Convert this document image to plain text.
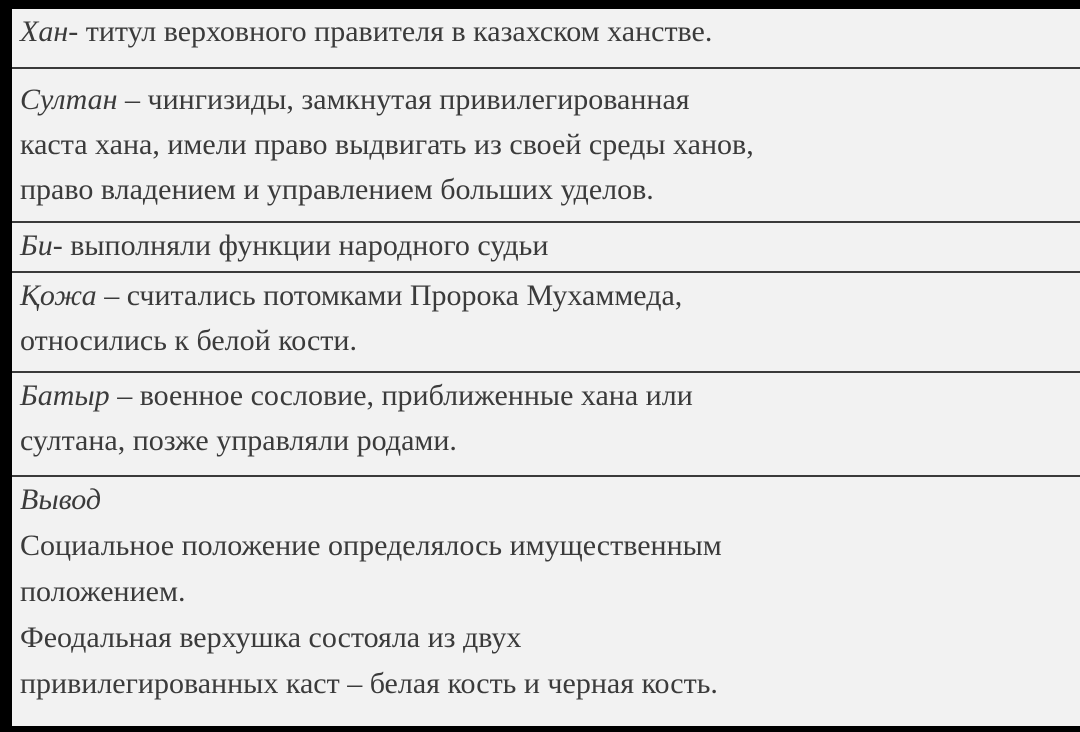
Хан- титул верховного правителя в казахском ханстве.
Султан – чингизиды, замкнутая привилегированная
каста хана, имели право выдвигать из своей среды ханов,
право владением и управлением больших уделов.
Би- выполняли функции народного судьи
Қожа – считались потомками Пророка Мухаммеда,
относились к белой кости.
Батыр – военное сословие, приближенные хана или
султана, позже управляли родами.
Вывод
Социальное положение определялось имущественным
положением.
Феодальная верхушка состояла из двух
привилегированных каст – белая кость и черная кость.
